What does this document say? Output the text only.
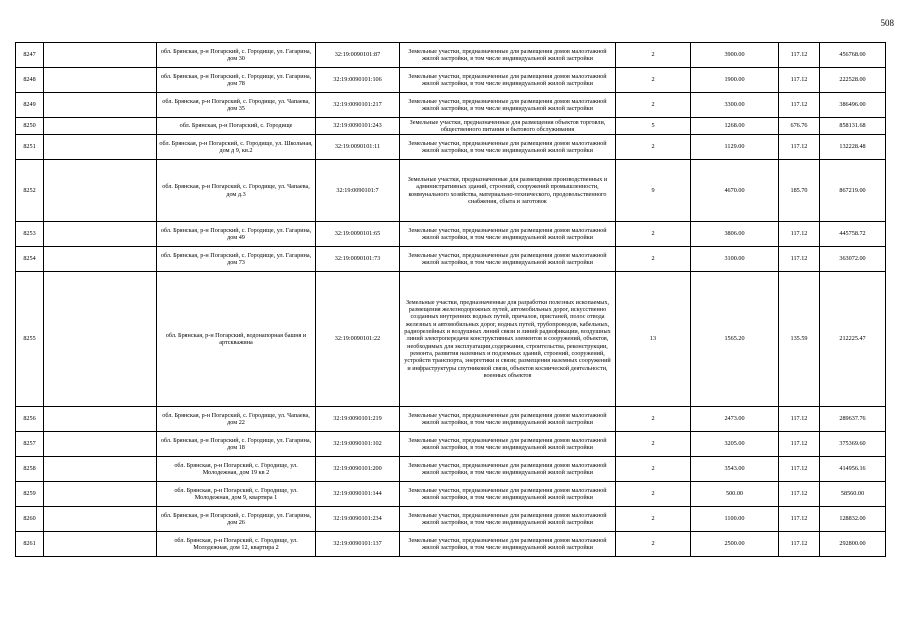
508
8247		обл. Брянская, р-н Погарский, с. Городище, ул. Гагарина, дом 30	32:19:0090101:87	Земельные участки, предназначенные для размещения домов малоэтажной жилой застройки, в том числе индивидуальной жилой застройки	2	3900.00	117.12	456768.00
8248		обл. Брянская, р-н Погарский, с. Городище, ул. Гагарина, дом 78	32:19:0090101:106	Земельные участки, предназначенные для размещения домов малоэтажной жилой застройки, в том числе индивидуальной жилой застройки	2	1900.00	117.12	222528.00
8249		обл. Брянская, р-н Погарский, с. Городище, ул. Чапаева, дом 35	32:19:0090101:217	Земельные участки, предназначенные для размещения домов малоэтажной жилой застройки, в том числе индивидуальной жилой застройки	2	3300.00	117.12	386496.00
8250		обл. Брянская, р-н Погарский, с. Городище	32:19:0090101:243	Земельные участки, предназначенные для размещения объектов торговли, общественного питания и бытового обслуживания	5	1268.00	676.76	858131.68
8251		обл. Брянская, р-н Погарский, с. Городище, ул. Школьная, дом д 9, кв.2	32:19:0090101:11	Земельные участки, предназначенные для размещения домов малоэтажной жилой застройки, в том числе индивидуальной жилой застройки	2	1129.00	117.12	132228.48
8252		обл. Брянская, р-н Погарский, с. Городище, ул. Чапаева, дом д.3	32:19:0090101:7	Земельные участки, предназначенные для размещения производственных и административных зданий, строений, сооружений промышленности, коммунального хозяйства, материально-технического, продовольственного снабжения, сбыта и заготовок	9	4670.00	185.70	867219.00
8253		обл. Брянская, р-н Погарский, с. Городище, ул. Гагарина, дом 49	32:19:0090101:65	Земельные участки, предназначенные для размещения домов малоэтажной жилой застройки, в том числе индивидуальной жилой застройки	2	3806.00	117.12	445758.72
8254		обл. Брянская, р-н Погарский, с. Городище, ул. Гагарина, дом 73	32:19:0090101:73	Земельные участки, предназначенные для размещения домов малоэтажной жилой застройки, в том числе индивидуальной жилой застройки	2	3100.00	117.12	363072.00
8255		обл. Брянская, р-н Погарский, водонапорная башня и артскважина	32:19:0090101:22	Земельные участки, предназначенные для разработки полезных ископаемых, размещения железнодорожных путей, автомобильных дорог, искусственно созданных внутренних водных путей, причалов, пристаней, полос отвода железных и автомобильных дорог, водных путей, трубопроводов, кабельных, радиорелейных и воздушных линий связи и линий радиофикации, воздушных линий электропередачи конструктивных элементов и сооружений, объектов, необходимых для эксплуатации,содержания, строительства, реконструкции, ремонта, развития наземных и подземных зданий, строений, сооружений, устройств транспорта, энергетики и связи; размещения наземных сооружений и инфраструктуры спутниковой связи, объектов космической деятельности, военных объектов	13	1565.20	135.59	212225.47
8256		обл. Брянская, р-н Погарский, с. Городище, ул. Чапаева, дом 22	32:19:0090101:219	Земельные участки, предназначенные для размещения домов малоэтажной жилой застройки, в том числе индивидуальной жилой застройки	2	2473.00	117.12	289637.76
8257		обл. Брянская, р-н Погарский, с. Городище, ул. Гагарина, дом 18	32:19:0090101:102	Земельные участки, предназначенные для размещения домов малоэтажной жилой застройки, в том числе индивидуальной жилой застройки	2	3205.00	117.12	375369.60
8258		обл. Брянская, р-н Погарский, с. Городище, ул. Молодежная, дом 19 кв 2	32:19:0090101:200	Земельные участки, предназначенные для размещения домов малоэтажной жилой застройки, в том числе индивидуальной жилой застройки	2	3543.00	117.12	414956.16
8259		обл. Брянская, р-н Погарский, с. Городище, ул. Молодежная, дом 9, квартира 1	32:19:0090101:144	Земельные участки, предназначенные для размещения домов малоэтажной жилой застройки, в том числе индивидуальной жилой застройки	2	500.00	117.12	58560.00
8260		обл. Брянская, р-н Погарский, с. Городище, ул. Гагарина, дом 26	32:19:0090101:234	Земельные участки, предназначенные для размещения домов малоэтажной жилой застройки, в том числе индивидуальной жилой застройки	2	1100.00	117.12	128832.00
8261		обл. Брянская, р-н Погарский, с. Городище, ул. Молодежная, дом 12, квартира 2	32:19:0090101:137	Земельные участки, предназначенные для размещения домов малоэтажной жилой застройки, в том числе индивидуальной жилой застройки	2	2500.00	117.12	292800.00
